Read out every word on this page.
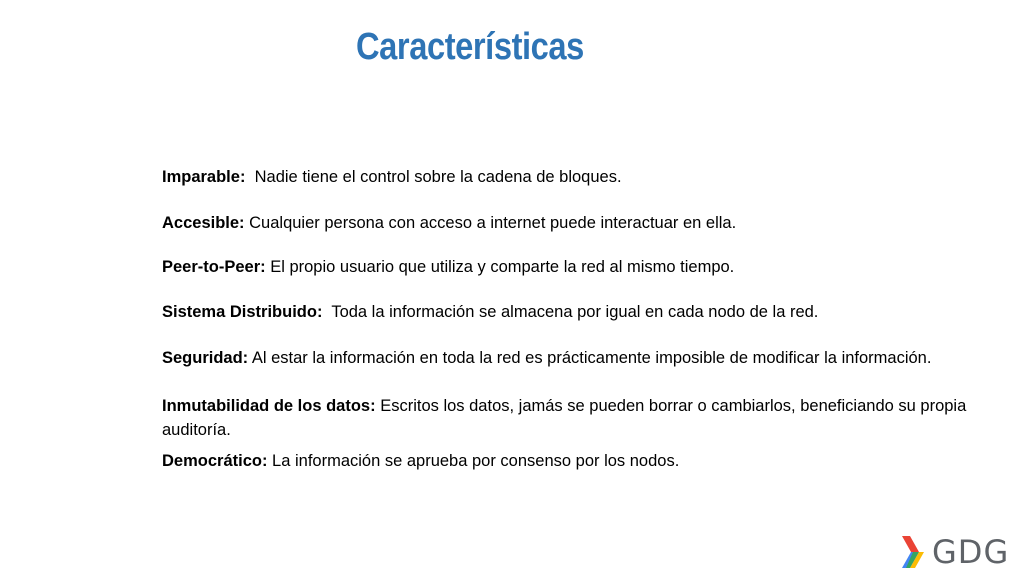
Características
Imparable:  Nadie tiene el control sobre la cadena de bloques.
Accesible: Cualquier persona con acceso a internet puede interactuar en ella.
Peer-to-Peer: El propio usuario que utiliza y comparte la red al mismo tiempo.
Sistema Distribuido:  Toda la información se almacena por igual en cada nodo de la red.
Seguridad: Al estar la información en toda la red es prácticamente imposible de modificar la información.
Inmutabilidad de los datos: Escritos los datos, jamás se pueden borrar o cambiarlos, beneficiando su propia auditoría.
Democrático: La información se aprueba por consenso por los nodos.
GDG
